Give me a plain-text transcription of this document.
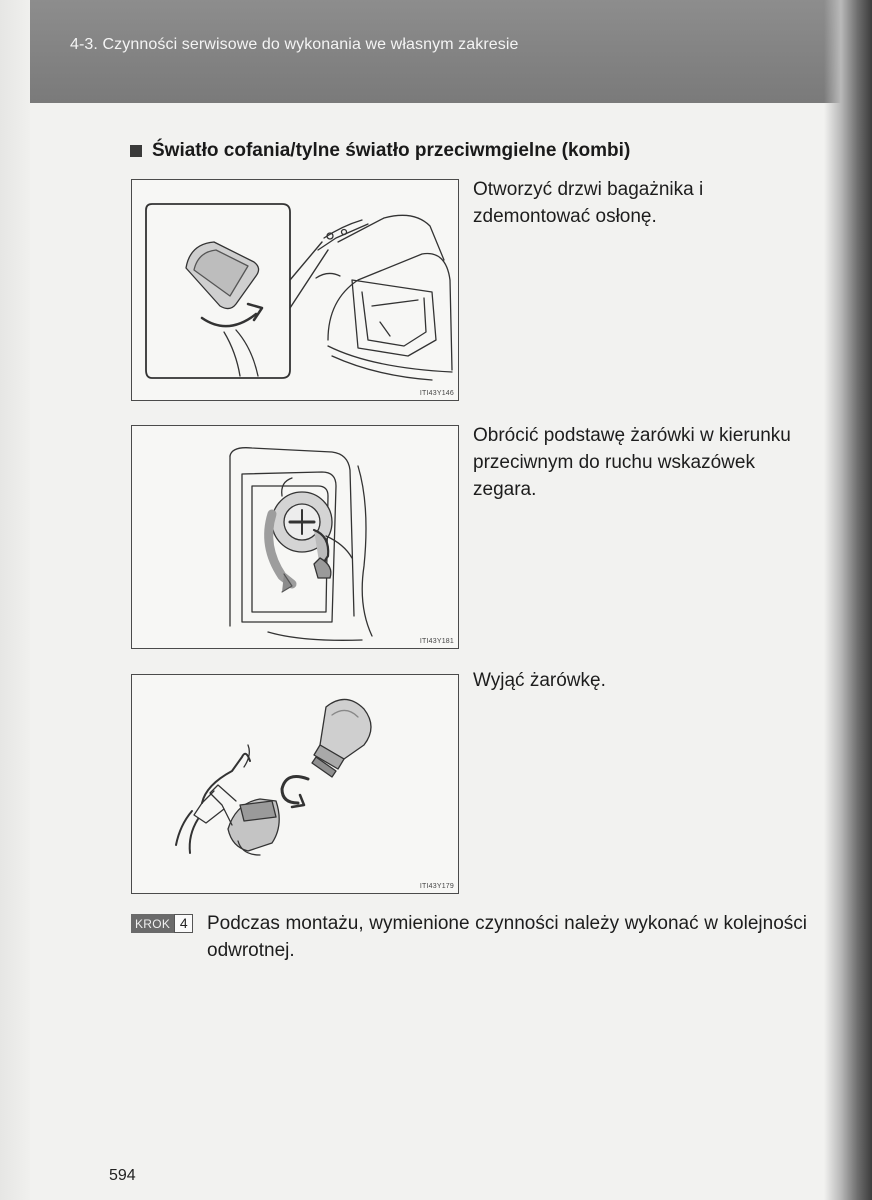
4-3. Czynności serwisowe do wykonania we własnym zakresie
Światło cofania/tylne światło przeciwmgielne (kombi)
ITI43Y146
Otworzyć drzwi bagażnika i zdemontować osłonę.
ITI43Y181
Obrócić podstawę żarówki w kierunku przeciwnym do ruchu wskazówek zegara.
ITI43Y179
Wyjąć żarówkę.
KROK 4 Podczas montażu, wymienione czynności należy wykonać w kolejności odwrotnej.
594
